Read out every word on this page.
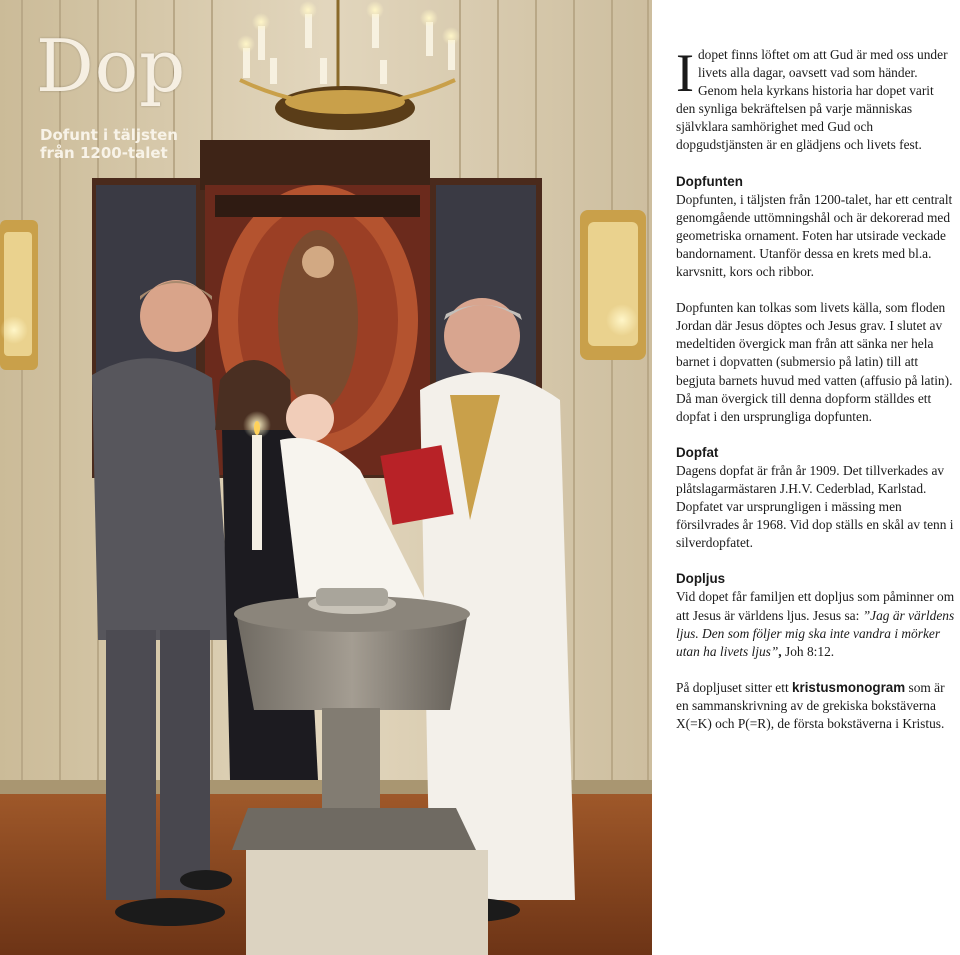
Dop
Dofunt i täljsten
från 1200-talet

Idopet finns löftet om att Gud är med oss under livets alla dagar, oavsett vad som händer. Genom hela kyrkans historia har dopet varit den synliga bekräftelsen på varje människas självklara samhörighet med Gud och dopgudstjänsten är en glädjens och livets fest.

Dopfunten

Dopfunten, i täljsten från 1200-talet, har ett centralt genomgående uttömningshål och är dekorerad med geometriska ornament. Foten har utsirade veckade bandornament. Utanför dessa en krets med bl.a. karvsnitt, kors och ribbor.

Dopfunten kan tolkas som livets källa, som floden Jordan där Jesus döptes och Jesus grav. I slutet av medeltiden övergick man från att sänka ner hela barnet i dopvatten (submersio på latin) till att begjuta barnets huvud med vatten (affusio på latin). Då man övergick till denna dopform ställdes ett dopfat i den ursprungliga dopfunten.

Dopfat

Dagens dopfat är från år 1909. Det tillverkades av plåtslagarmästaren J.H.V. Cederblad, Karlstad. Dopfatet var ursprungligen i mässing men försilvrades år 1968. Vid dop ställs en skål av tenn i silverdopfatet.

Dopljus

Vid dopet får familjen ett dopljus som påminner om att Jesus är världens ljus. Jesus sa: ”Jag är världens ljus. Den som följer mig ska inte vandra i mörker utan ha livets ljus”, Joh 8:12.

På dopljuset sitter ett kristusmonogram som är en sammanskrivning av de grekiska bokstäverna X(=K) och P(=R), de första bokstäverna i Kristus.
